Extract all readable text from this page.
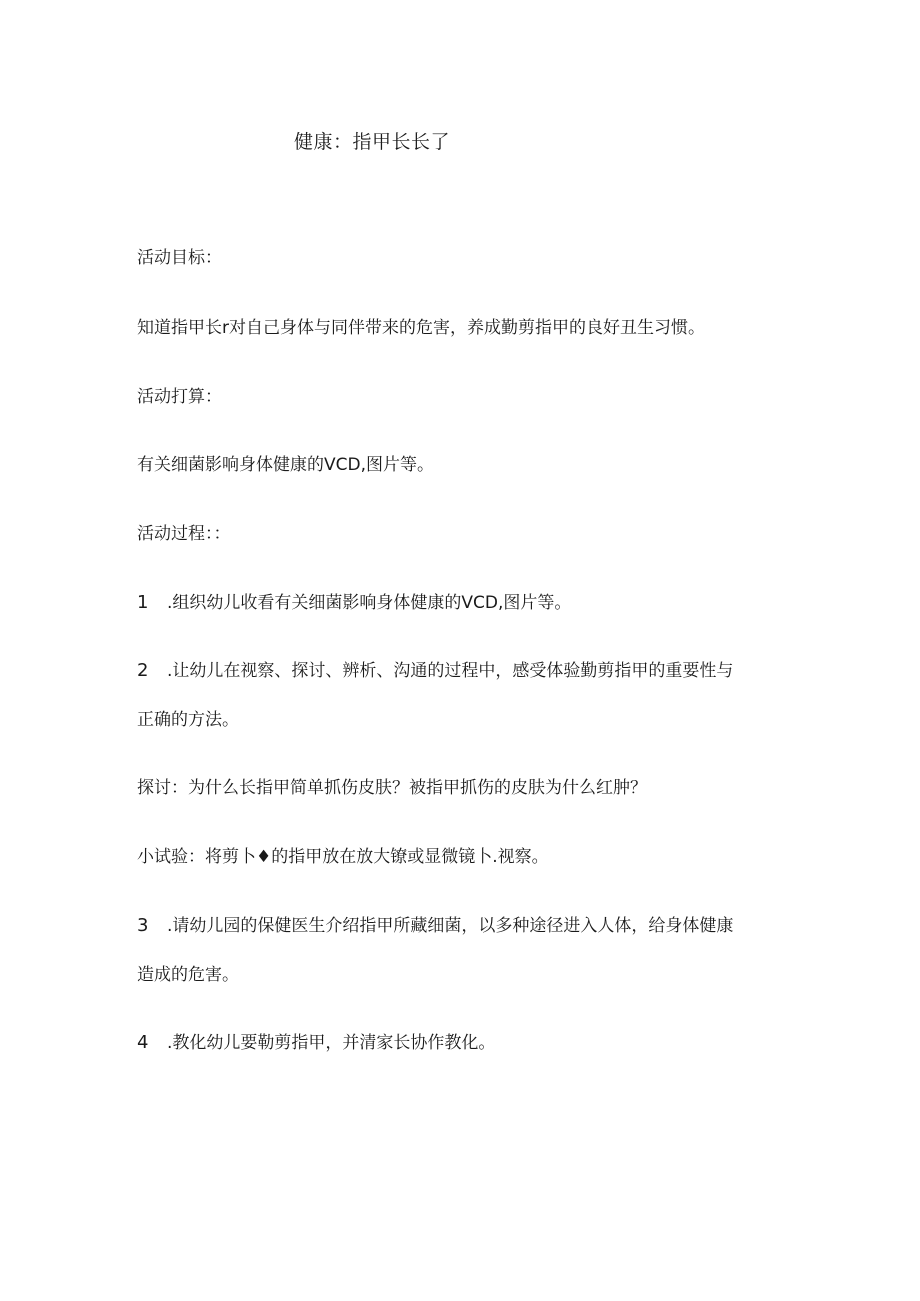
健康：指甲长长了
活动目标：
知道指甲长r对自己身体与同伴带来的危害，养成勤剪指甲的良好丑生习惯。
活动打算：
有关细菌影响身体健康的VCD,图片等。
活动过程：：
1 .组织幼儿收看有关细菌影响身体健康的VCD,图片等。
2 .让幼儿在视察、探讨、辨析、沟通的过程中，感受体验勤剪指甲的重要性与
正确的方法。
探讨：为什么长指甲简单抓伤皮肤？被指甲抓伤的皮肤为什么红肿？
小试验：将剪卜♦的指甲放在放大镣或显微镜卜.视察。
3 .请幼儿园的保健医生介绍指甲所藏细菌，以多种途径进入人体，给身体健康
造成的危害。
4 .教化幼儿要勒剪指甲，并清家长协作教化。
